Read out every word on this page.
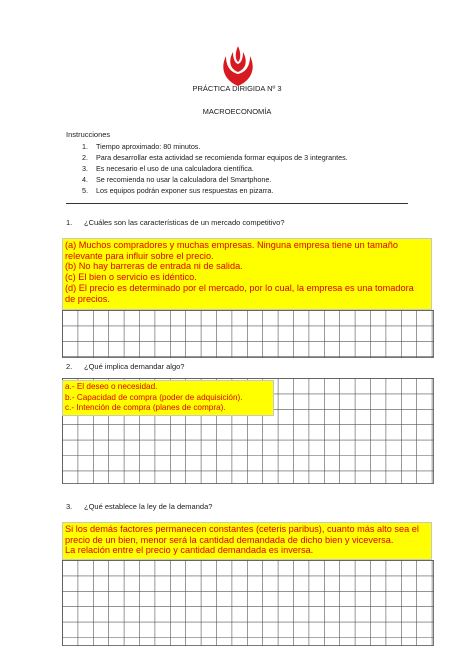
PRÁCTICA DIRIGIDA Nº 3
MACROECONOMÍA
Instrucciones
1. Tiempo aproximado: 80 minutos.
2. Para desarrollar esta actividad se recomienda formar equipos de 3 integrantes.
3. Es necesario el uso de una calculadora científica.
4. Se recomienda no usar la calculadora del Smartphone.
5. Los equipos podrán exponer sus respuestas en pizarra.
1. ¿Cuáles son las características de un mercado competitivo?
(a) Muchos compradores y muchas empresas. Ninguna empresa tiene un tamaño
relevante para influir sobre el precio.
(b) No hay barreras de entrada ni de salida.
(c) El bien o servicio es idéntico.
(d) El precio es determinado por el mercado, por lo cual, la empresa es una tomadora
de precios.
2. ¿Qué implica demandar algo?
a.- El deseo o necesidad.
b.- Capacidad de compra (poder de adquisición).
c.- Intención de compra (planes de compra).
3. ¿Qué establece la ley de la demanda?
Si los demás factores permanecen constantes (ceteris paribus), cuanto más alto sea el
precio de un bien, menor será la cantidad demandada de dicho bien y viceversa.
La relación entre el precio y cantidad demandada es inversa.
